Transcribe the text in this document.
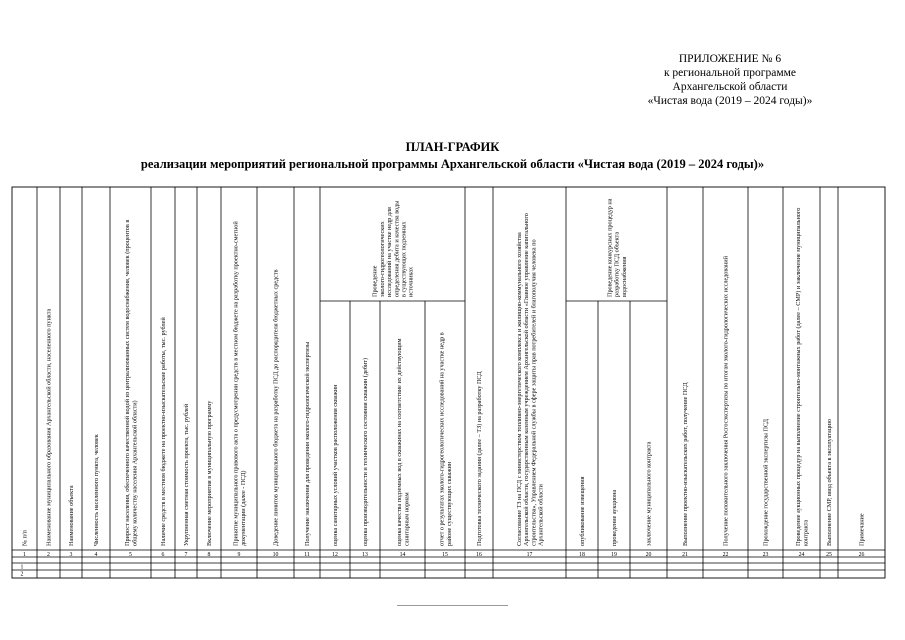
ПРИЛОЖЕНИЕ № 6
к региональной программе
Архангельской области
«Чистая вода (2019 – 2024 годы)»
ПЛАН-ГРАФИК
реализации мероприятий региональной программы Архангельской области «Чистая вода (2019 – 2024 годы)»
№ п/п	Наименование муниципального образования Архангельской области, населенного пункта	Наименование объекта	Численность населенного пункта, человек	Прирост населения, обеспеченного качественной водой из централизованных систем водоснабжения, человек (процентов вобщему количеству населения Архангельской области)	Наличие средств в местном бюджете на проектно-изыскательские работы, тыс. рублей	Укрупненная сметная стоимость проекта, тыс. рублей	Включение мероприятия в муниципальную программу	Принятие муниципального правового акта о предусмотрении средств в местном бюджете на разработку проектно-сметнойдокументации (далее - ПСД)	Доведение лимитов муниципального бюджета на разработку ПСД до распорядителя бюджетных средств	Получение заключения для проведения эколого-гидрологической экспертизы	оценка санитарных условий участков расположения скважин	оценка производительности и технического состояния скважин (дебит)	оценка качества подземных вод в скважинах на соответствие их действующимсанитарным нормам	отчет о результатах эколого-гидрогеологических исследований на участке недр врайоне существующих скважин	Подготовка технического задания (далее – ТЗ) на разработку ПСД	Согласование ТЗ на ПСД с министерством топливно-энергетического комплекса и жилищно-коммунального хозяйстваАрхангельской области, государственным казенным учреждением Архангельской области «Главное управление капитальногостроительства», Управлением Федеральной службы в сфере защиты прав потребителей и благополучия человека поАрхангельской области	опубликование извещения	проведение аукциона	заключение муниципального контракта	Выполнение проектно-изыскательских работ, получение ПСД	Получение положительного заключения Росгосэкспертизы по итогам эколого-гидрологических исследований	Прохождение государственной экспертизы ПСД	Проведение аукционных процедур на выполнение строительно-монтажных работ (далее – СМР) и заключение муниципальногоконтракта	Выполнение СМР, ввод объекта в эксплуатацию	Примечание
Проведениеэколого-гидрогеологическихисследований на участке недр дляопределения дебита и качества водыв существующих подземныхисточниках	Проведение конкурсных процедур наразработку ПСД объектаводоснабжения
1	2	3	4	5	6	7	8	9	10	11	12	13	14	15	16	17	18	19	20	21	22	23	24	25	26
1
2
